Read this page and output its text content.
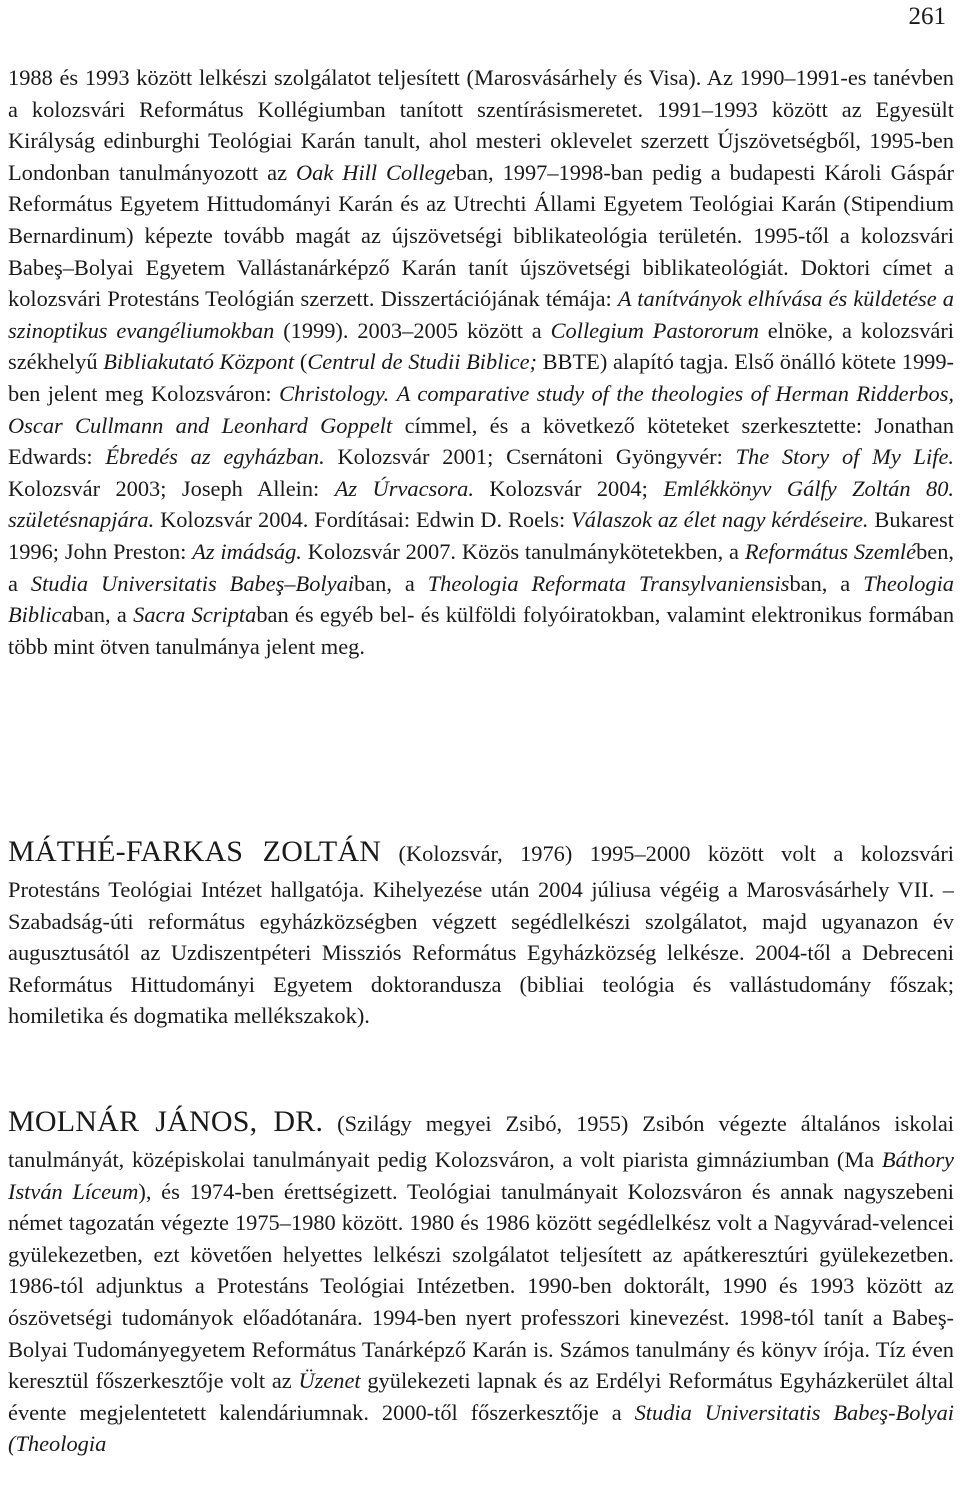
261
1988 és 1993 között lelkészi szolgálatot teljesített (Marosvásárhely és Visa). Az 1990–1991-es tanévben a kolozsvári Református Kollégiumban tanított szentírásismeretet. 1991–1993 között az Egyesült Királyság edinburghi Teológiai Karán tanult, ahol mesteri oklevelet szerzett Újszövetségből, 1995-ben Londonban tanulmányozott az Oak Hill Collegeban, 1997–1998-ban pedig a budapesti Károli Gáspár Református Egyetem Hittudományi Karán és az Utrechti Állami Egyetem Teológiai Karán (Stipendium Bernardinum) képezte tovább magát az újszövetségi biblikateológia területén. 1995-től a kolozsvári Babeş–Bolyai Egyetem Vallástanárképző Karán tanít újszövetségi biblikateológiát. Doktori címet a kolozsvári Protestáns Teológián szerzett. Disszertációjának témája: A tanítványok elhívása és küldetése a szinoptikus evangéliumokban (1999). 2003–2005 között a Collegium Pastororum elnöke, a kolozsvári székhelyű Bibliakutató Központ (Centrul de Studii Biblice; BBTE) alapító tagja. Első önálló kötete 1999-ben jelent meg Kolozsváron: Christology. A comparative study of the theologies of Herman Ridderbos, Oscar Cullmann and Leonhard Goppelt címmel, és a következő köteteket szerkesztette: Jonathan Edwards: Ébredés az egyházban. Kolozsvár 2001; Csernátoni Gyöngyvér: The Story of My Life. Kolozsvár 2003; Joseph Allein: Az Úrvacsora. Kolozsvár 2004; Emlékkönyv Gálfy Zoltán 80. születésnapjára. Kolozsvár 2004. Fordításai: Edwin D. Roels: Válaszok az élet nagy kérdéseire. Bukarest 1996; John Preston: Az imádság. Kolozsvár 2007. Közös tanulmánykötetekben, a Református Szemlében, a Studia Universitatis Babeş–Bolyaiban, a Theologia Reformata Transylvaniensisban, a Theologia Biblicaban, a Sacra Scriptaban és egyéb bel- és külföldi folyóiratokban, valamint elektronikus formában több mint ötven tanulmánya jelent meg.
MÁTHÉ-FARKAS ZOLTÁN (Kolozsvár, 1976) 1995–2000 között volt a kolozsvári Protestáns Teológiai Intézet hallgatója. Kihelyezése után 2004 júliusa végéig a Marosvásárhely VII. – Szabadság-úti református egyházközségben végzett segédlelkészi szolgálatot, majd ugyanazon év augusztusától az Uzdiszentpéteri Missziós Református Egyházközség lelkésze. 2004-től a Debreceni Református Hittudományi Egyetem doktorandusza (bibliai teológia és vallástudomány főszak; homiletika és dogmatika mellékszakok).
MOLNÁR JÁNOS, DR. (Szilágy megyei Zsibó, 1955) Zsibón végezte általános iskolai tanulmányát, középiskolai tanulmányait pedig Kolozsváron, a volt piarista gimnáziumban (Ma Báthory István Líceum), és 1974-ben érettségizett. Teológiai tanulmányait Kolozsváron és annak nagyszebeni német tagozatán végezte 1975–1980 között. 1980 és 1986 között segédlelkész volt a Nagyvárad-velencei gyülekezetben, ezt követően helyettes lelkészi szolgálatot teljesített az apátkeresztúri gyülekezetben. 1986-tól adjunktus a Protestáns Teológiai Intézetben. 1990-ben doktorált, 1990 és 1993 között az ószövetségi tudományok előadótanára. 1994-ben nyert professzori kinevezést. 1998-tól tanít a Babeş-Bolyai Tudományegyetem Református Tanárképző Karán is. Számos tanulmány és könyv írója. Tíz éven keresztül főszerkesztője volt az Üzenet gyülekezeti lapnak és az Erdélyi Református Egyházkerület által évente megjelentetett kalendáriumnak. 2000-től főszerkesztője a Studia Universitatis Babeş-Bolyai (Theologia
